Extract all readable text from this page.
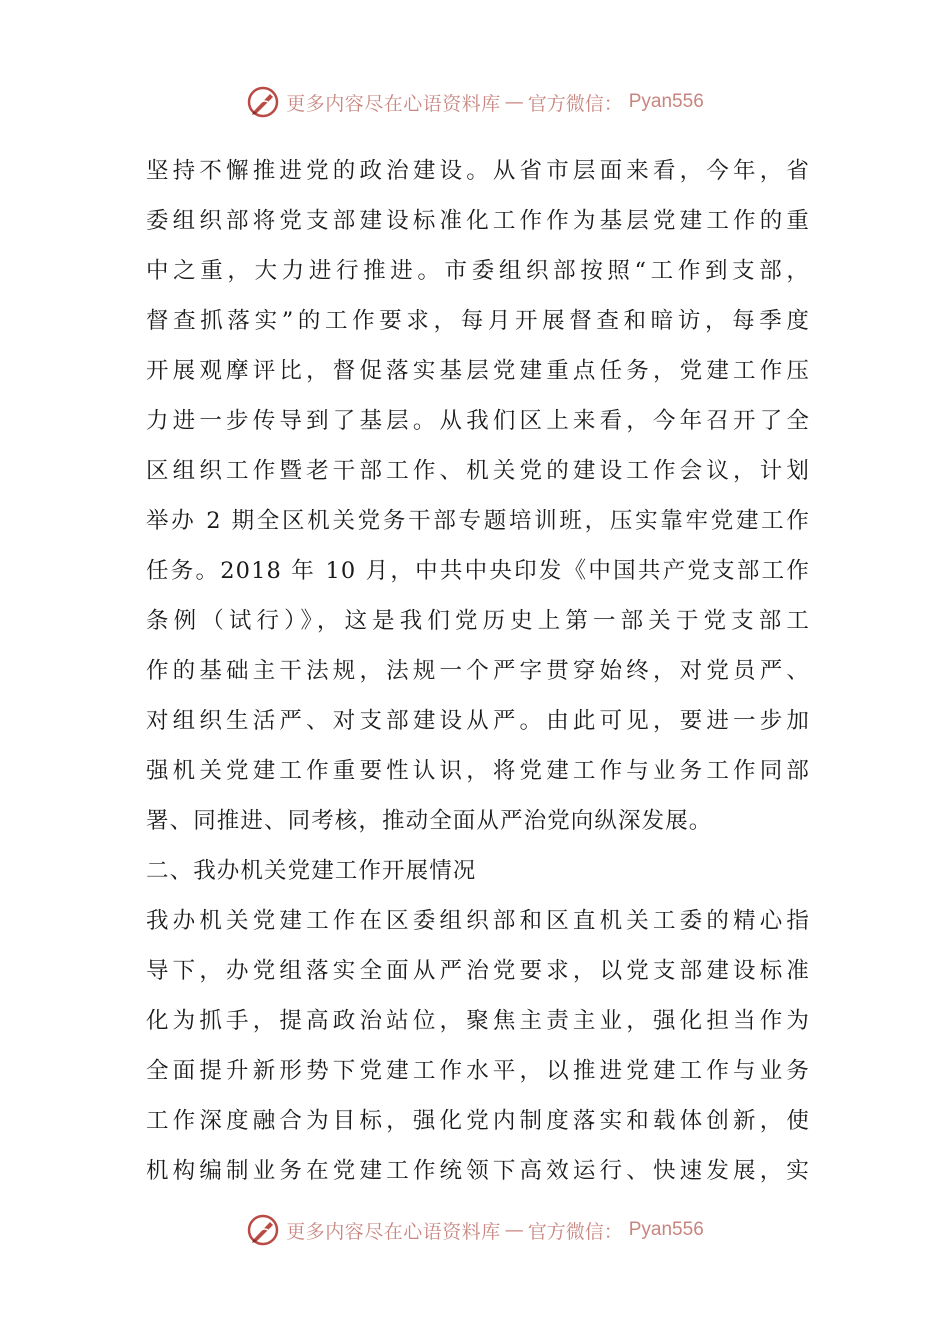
更多内容尽在心语资料库 — 官方微信： Pyan556
坚持不懈推进党的政治建设。从省市层面来看，今年，省
委组织部将党支部建设标准化工作作为基层党建工作的重
中之重，大力进行推进。市委组织部按照“工作到支部，
督查抓落实”的工作要求，每月开展督查和暗访，每季度
开展观摩评比，督促落实基层党建重点任务，党建工作压
力进一步传导到了基层。从我们区上来看，今年召开了全
区组织工作暨老干部工作、机关党的建设工作会议，计划
举办 2 期全区机关党务干部专题培训班，压实靠牢党建工作
任务。2018 年 10 月，中共中央印发《中国共产党支部工作
条例（试行）》，这是我们党历史上第一部关于党支部工
作的基础主干法规，法规一个严字贯穿始终，对党员严、
对组织生活严、对支部建设从严。由此可见，要进一步加
强机关党建工作重要性认识，将党建工作与业务工作同部
署、同推进、同考核，推动全面从严治党向纵深发展。
二、我办机关党建工作开展情况
我办机关党建工作在区委组织部和区直机关工委的精心指
导下，办党组落实全面从严治党要求，以党支部建设标准
化为抓手，提高政治站位，聚焦主责主业，强化担当作为
全面提升新形势下党建工作水平，以推进党建工作与业务
工作深度融合为目标，强化党内制度落实和载体创新，使
机构编制业务在党建工作统领下高效运行、快速发展，实
更多内容尽在心语资料库 — 官方微信： Pyan556
